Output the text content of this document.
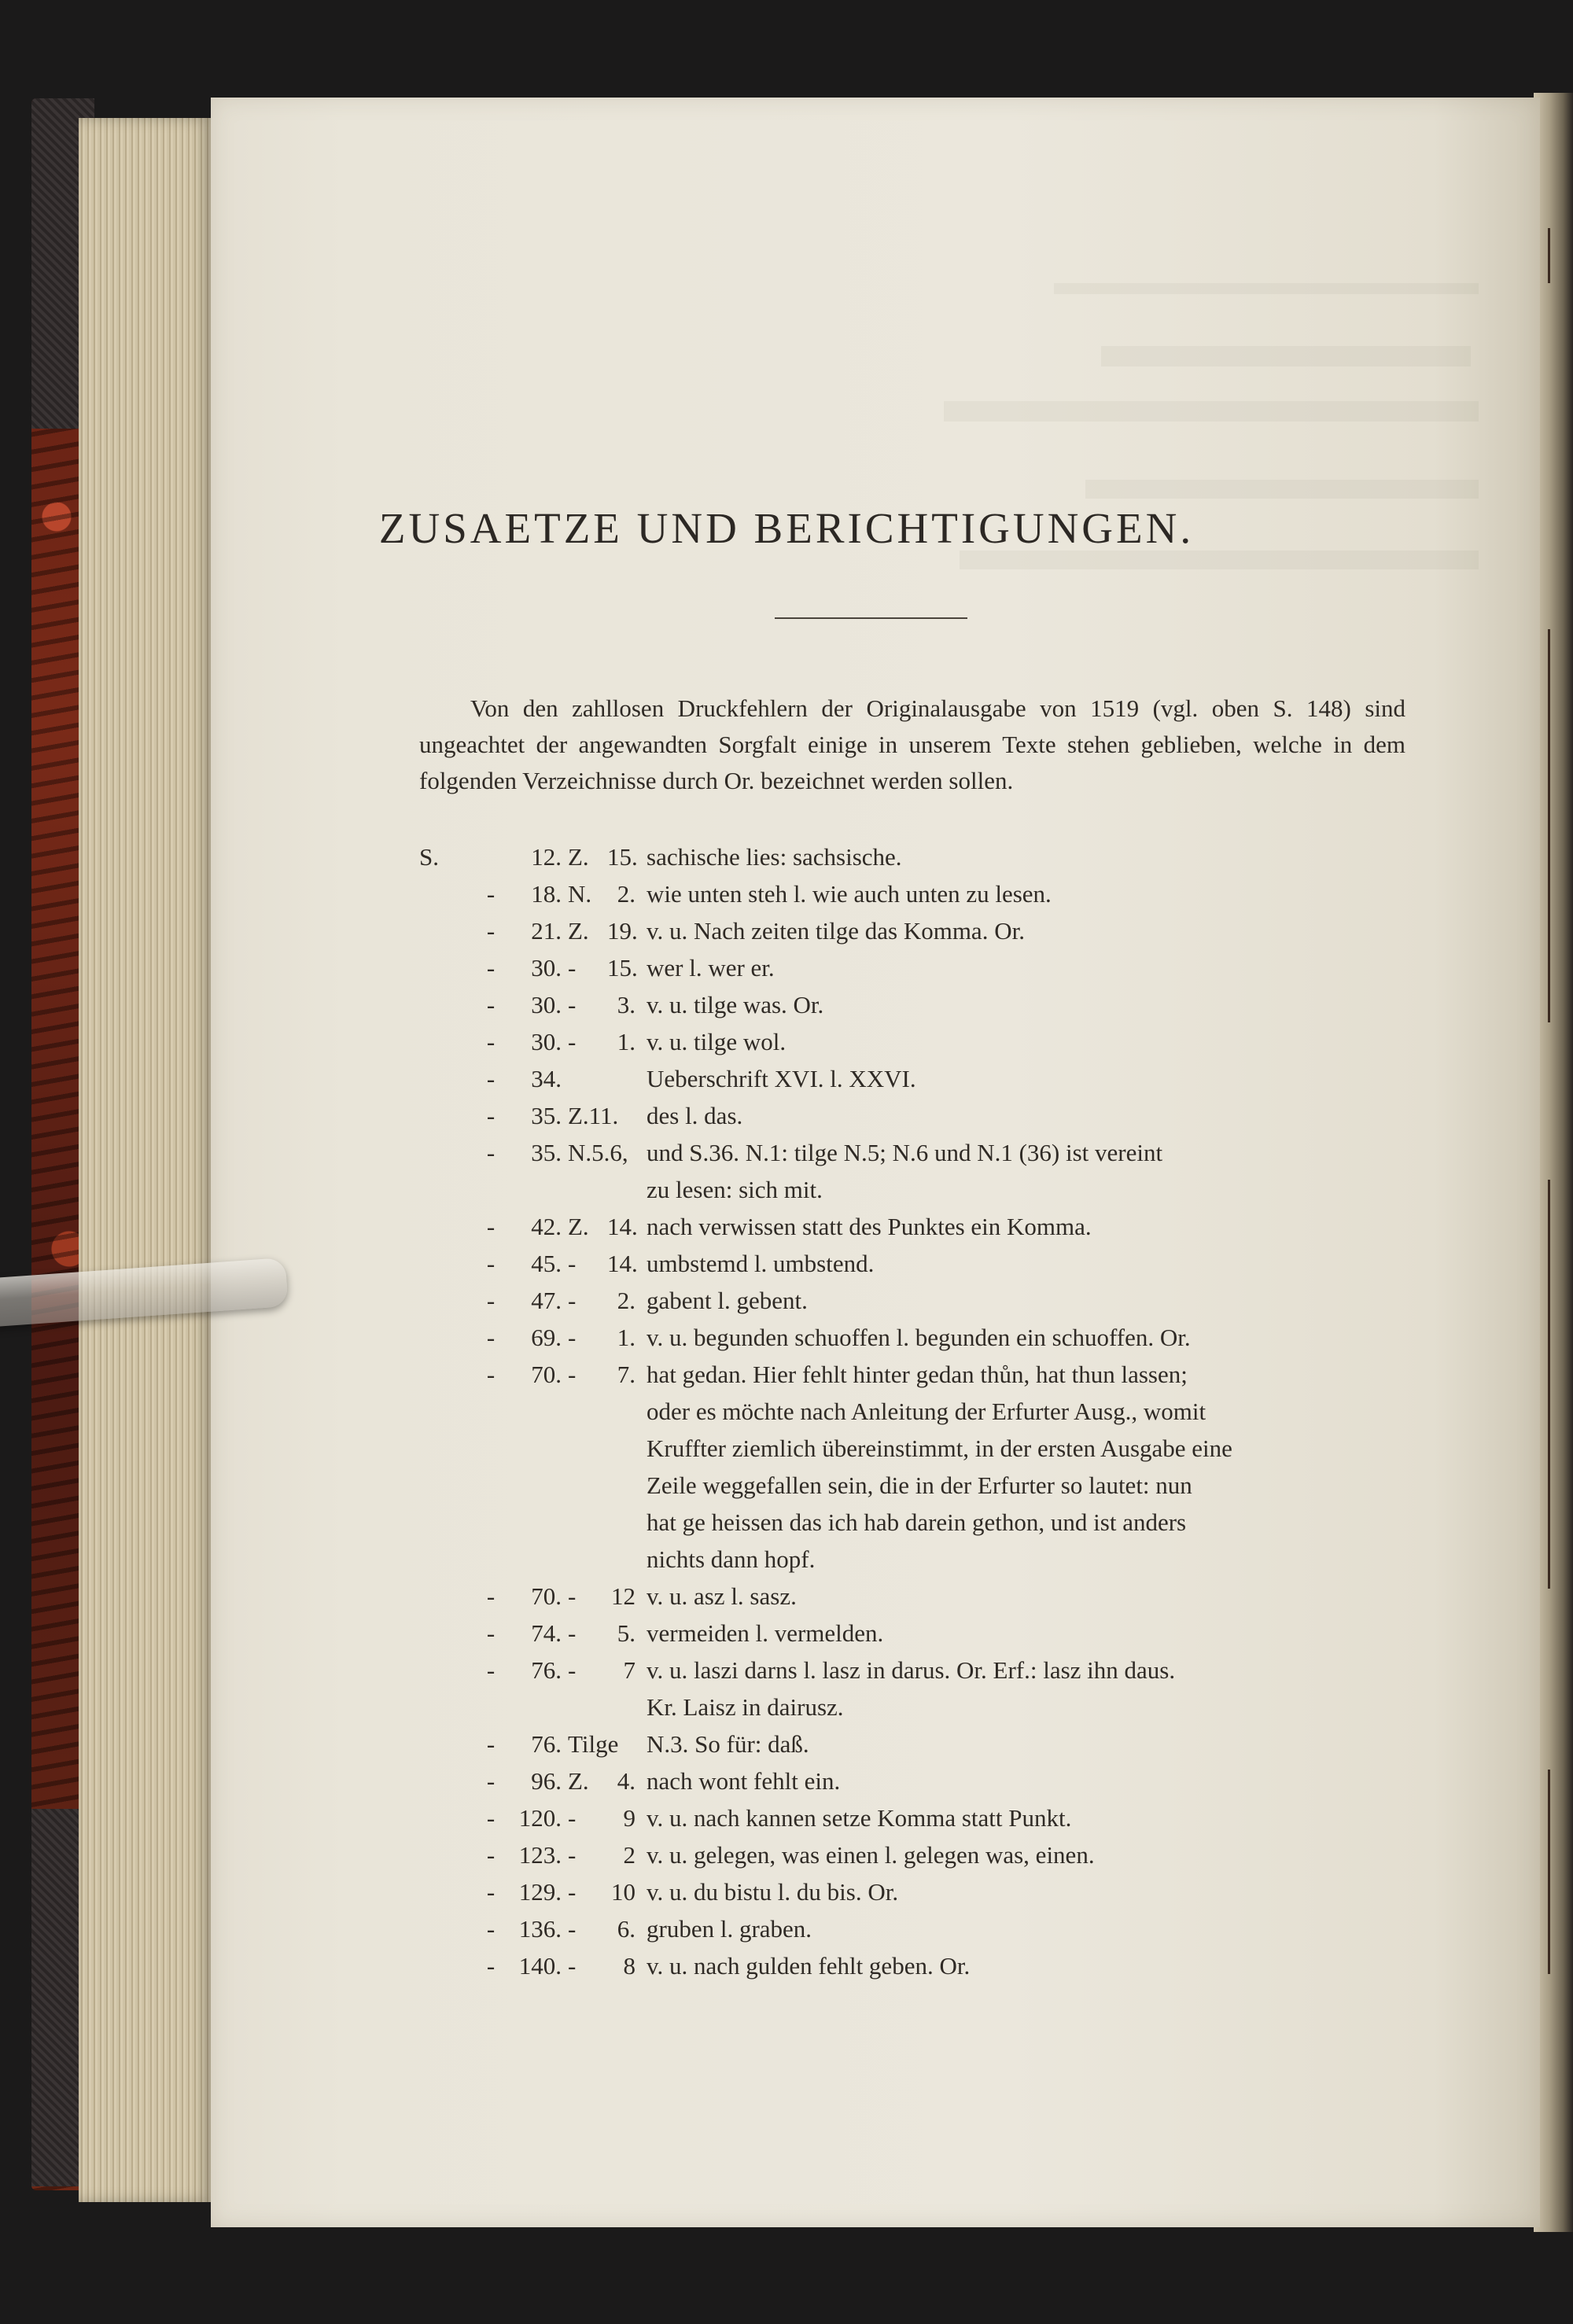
ZUSAETZE UND BERICHTIGUNGEN.

Von den zahllosen Druckfehlern der Originalausgabe von 1519 (vgl. oben S. 148) sind ungeachtet der angewandten Sorgfalt einige in unserem Texte stehen geblieben, welche in dem folgenden Verzeichnisse durch Or. bezeichnet werden sollen.

S.	12. Z. 15. sachische lies: sachsische.
-	18. N.	2. wie unten steh l. wie auch unten zu lesen.
-	21. Z. 19. v. u. Nach zeiten tilge das Komma. Or.
-	30. -	15. wer l. wer er.
-	30. -	3. v. u. tilge was. Or.
-	30. -	1. v. u. tilge wol.
-	34.	Ueberschrift XVI. l. XXVI.
-	35. Z.11. des l. das.
-	35. N.5.6, und S.36. N.1: tilge N.5; N.6 und N.1 (36) ist vereint
zu lesen: sich mit.
-	42. Z. 14. nach verwissen statt des Punktes ein Komma.
-	45. -	14. umbstemd l. umbstend.
-	47. -	2. gabent l. gebent.
-	69. -	1. v. u. begunden schuoffen l. begunden ein schuoffen. Or.
-	70. -	7. hat gedan. Hier fehlt hinter gedan thůn, hat thun lassen;
oder es möchte nach Anleitung der Erfurter Ausg., womit
Kruffter ziemlich übereinstimmt, in der ersten Ausgabe eine
Zeile weggefallen sein, die in der Erfurter so lautet: nun
hat ge heissen das ich hab darein gethon, und ist anders
nichts dann hopf.
-	70. -	12 v. u. asz l. sasz.
-	74. -	5. vermeiden l. vermelden.
-	76. -	7 v. u. laszi darns l. lasz in darus. Or. Erf.: lasz ihn daus.
Kr. Laisz in dairusz.
-	76. Tilge N.3. So für: daß.
-	96. Z.	4. nach wont fehlt ein.
- 120. -	9 v. u. nach kannen setze Komma statt Punkt.
- 123. -	2 v. u. gelegen, was einen l. gelegen was, einen.
- 129. -	10 v. u. du bistu l. du bis. Or.
- 136. -	6. gruben l. graben.
- 140. -	8 v. u. nach gulden fehlt geben. Or.
